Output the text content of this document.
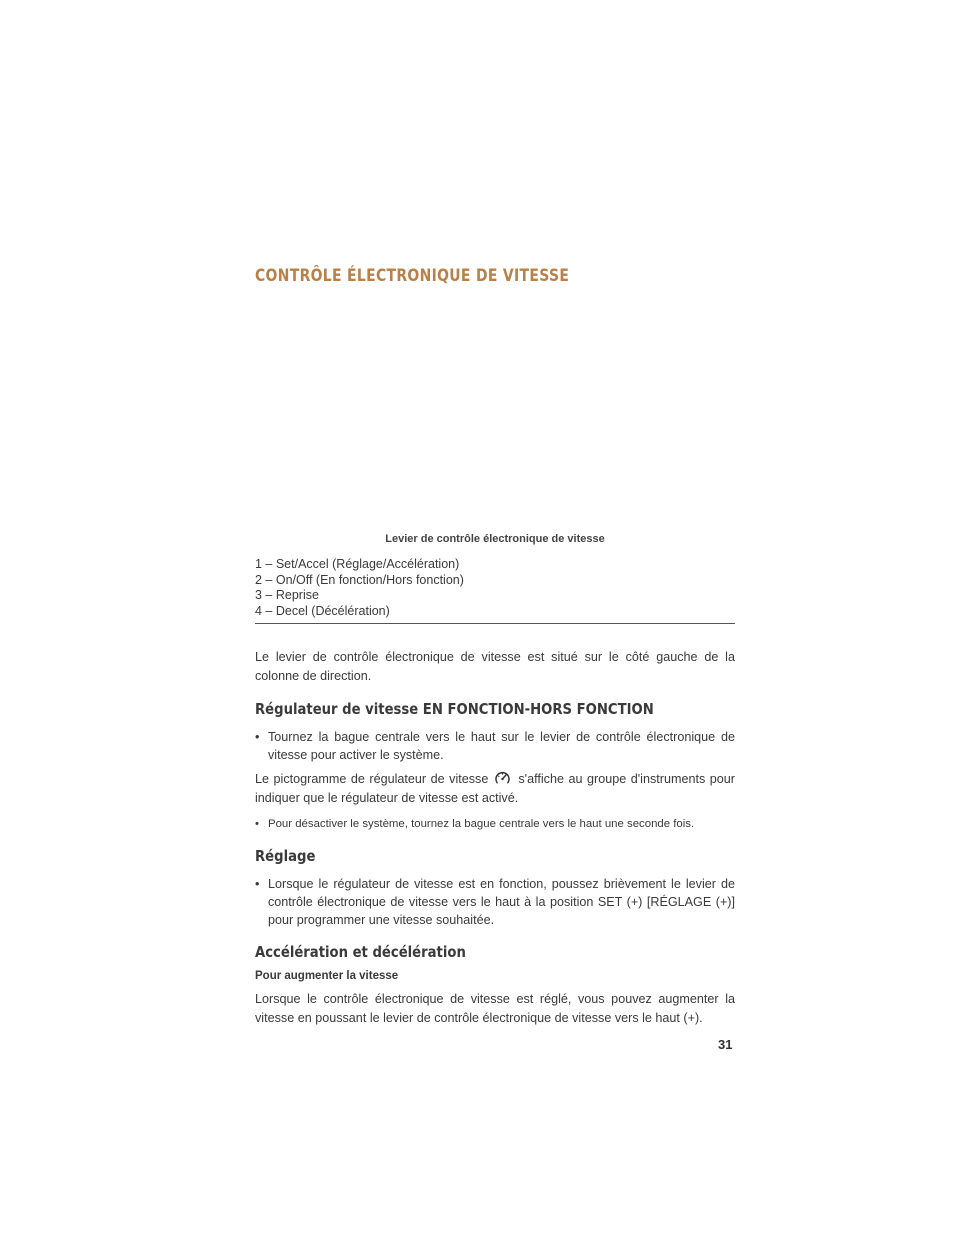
CONTRÔLE ÉLECTRONIQUE DE VITESSE
Levier de contrôle électronique de vitesse
1 – Set/Accel (Réglage/Accélération)
2 – On/Off (En fonction/Hors fonction)
3 – Reprise
4 – Decel (Décélération)

Le levier de contrôle électronique de vitesse est situé sur le côté gauche de la colonne de direction.

Régulateur de vitesse EN FONCTION-HORS FONCTION

• Tournez la bague centrale vers le haut sur le levier de contrôle électronique de vitesse pour activer le système.

Le pictogramme de régulateur de vitesse s'affiche au groupe d'instruments pour indiquer que le régulateur de vitesse est activé.

• Pour désactiver le système, tournez la bague centrale vers le haut une seconde fois.

Réglage

• Lorsque le régulateur de vitesse est en fonction, poussez brièvement le levier de contrôle électronique de vitesse vers le haut à la position SET (+) [RÉGLAGE (+)] pour programmer une vitesse souhaitée.

Accélération et décélération

Pour augmenter la vitesse

Lorsque le contrôle électronique de vitesse est réglé, vous pouvez augmenter la vitesse en poussant le levier de contrôle électronique de vitesse vers le haut (+).

31
